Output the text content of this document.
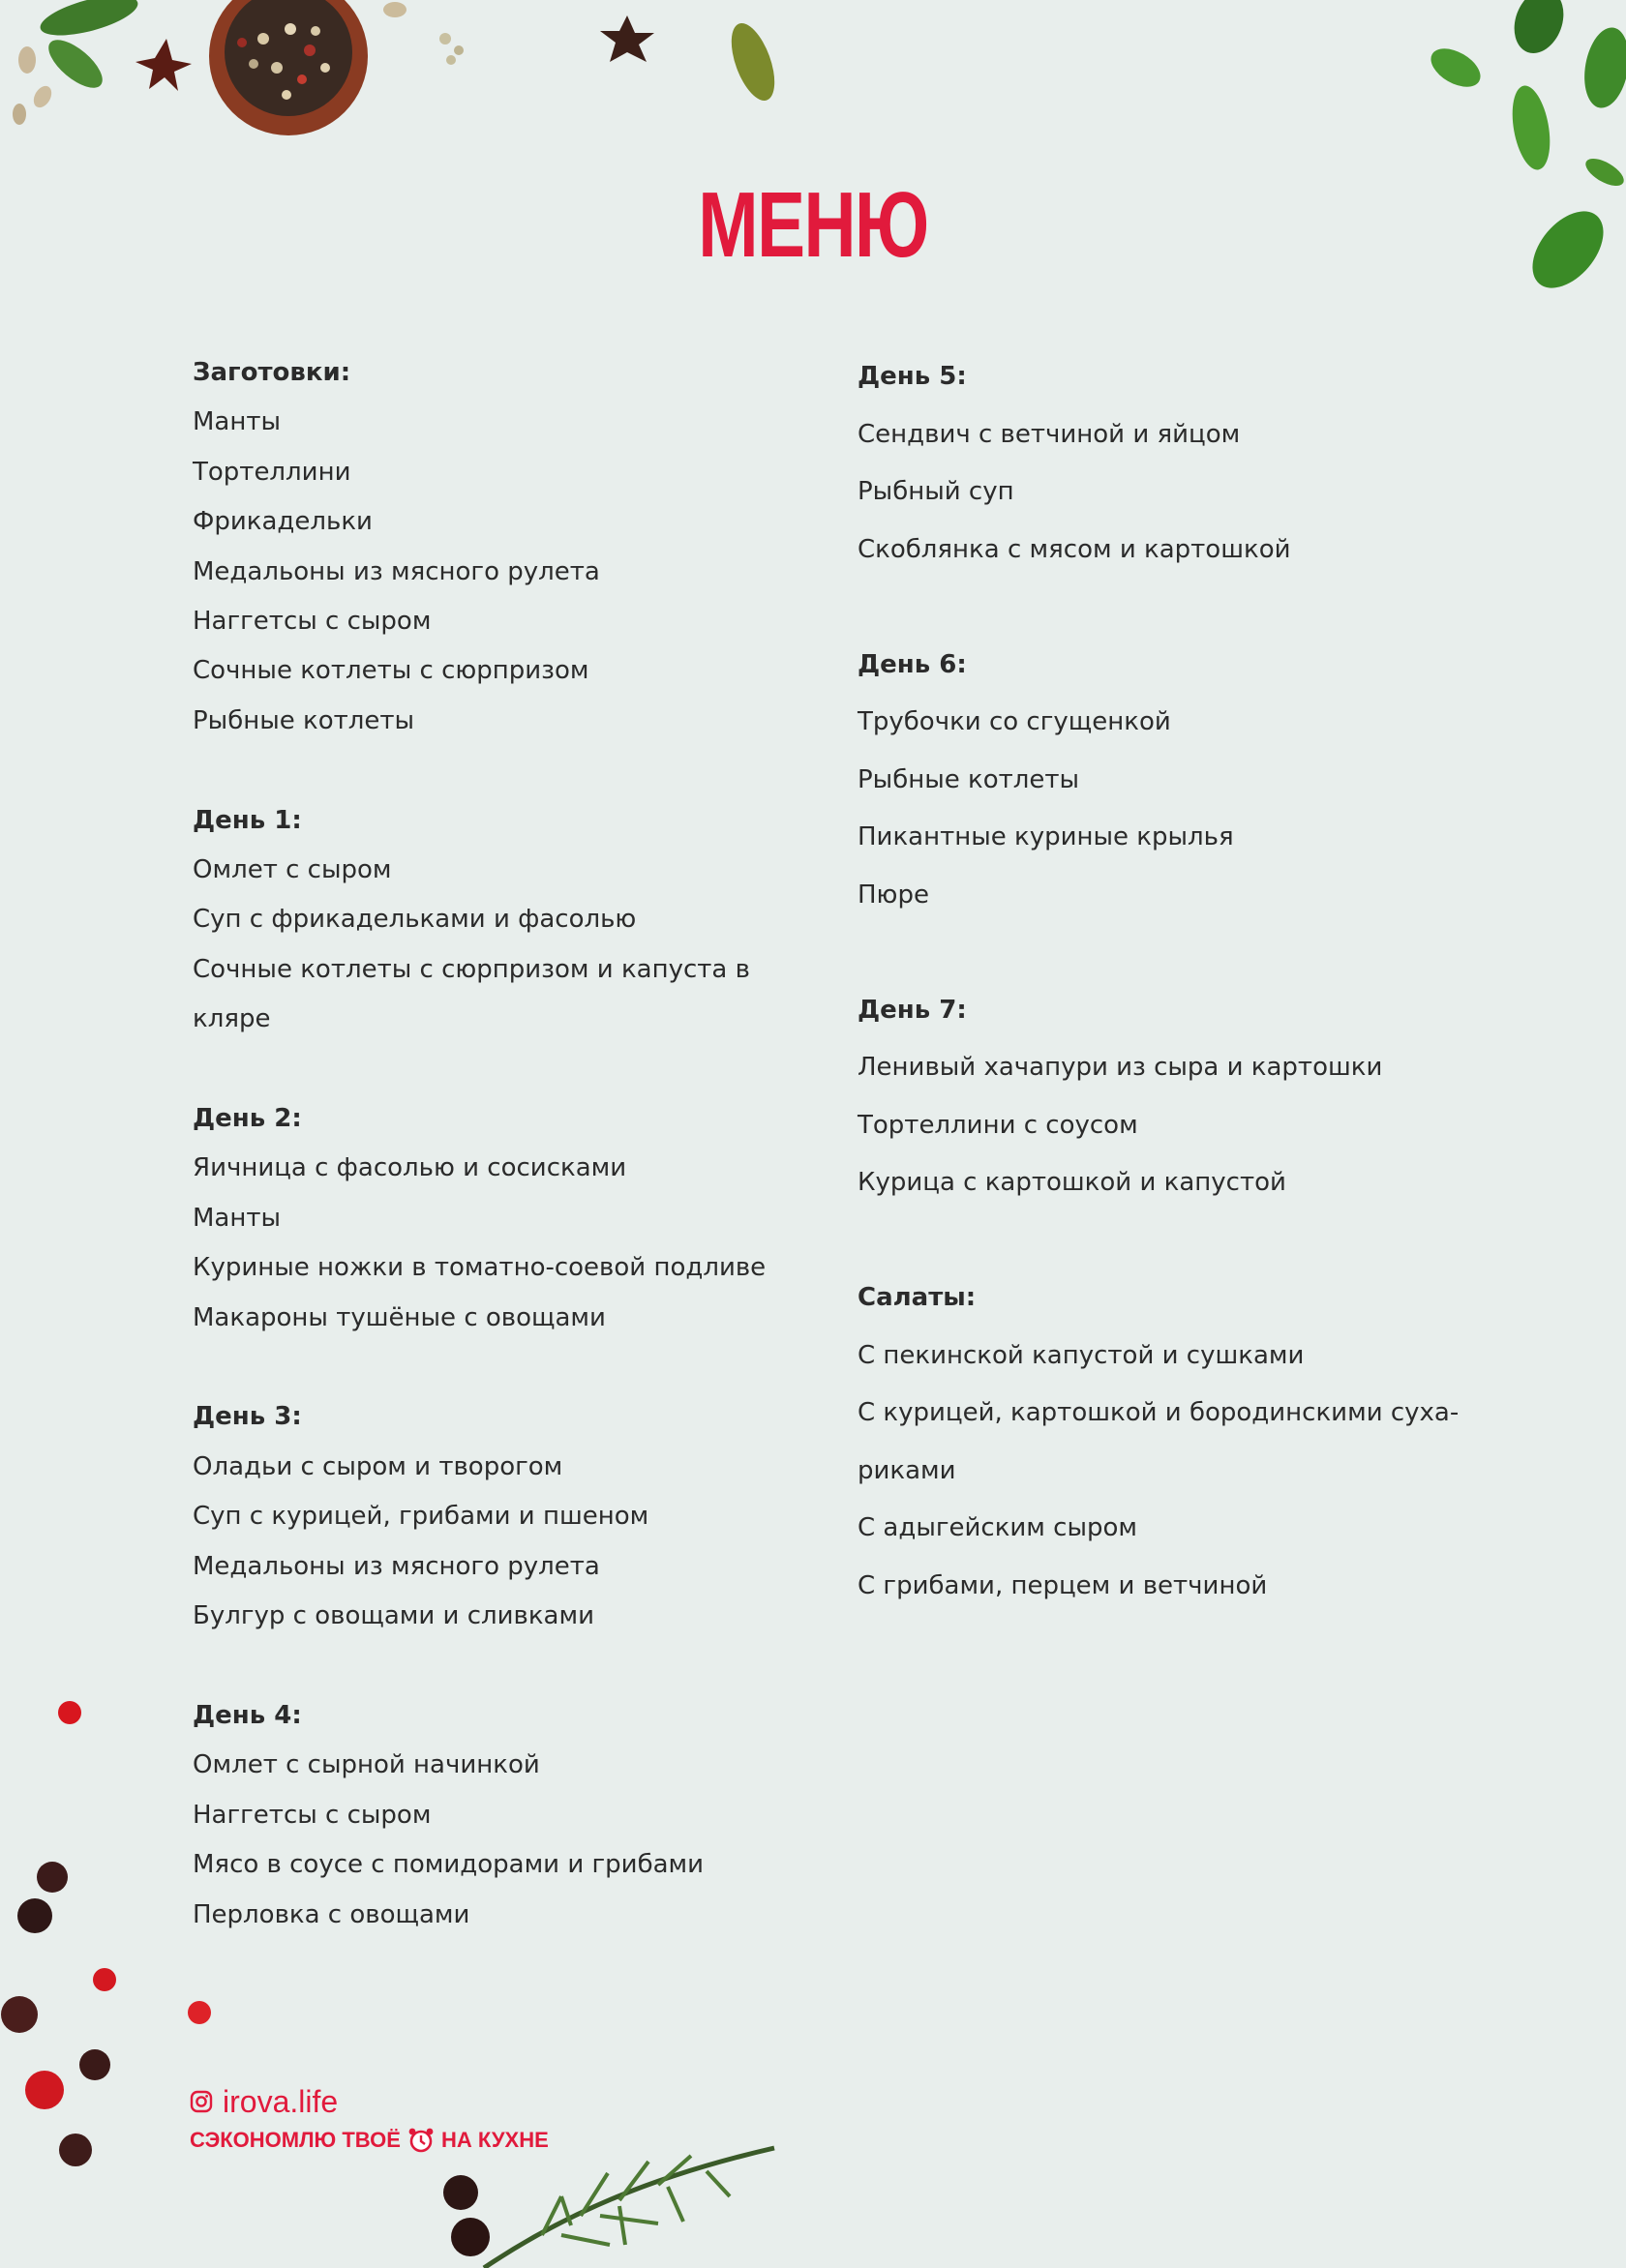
МЕНЮ

Заготовки:

Манты

Тортеллини

Фрикадельки

Медальоны из мясного рулета

Наггетсы с сыром

Сочные котлеты с сюрпризом

Рыбные котлеты

День 1:

Омлет с сыром

Суп с фрикадельками и фасолью

Сочные котлеты с сюрпризом и капуста в

кляре

День 2:

Яичница с фасолью и сосисками

Манты

Куриные ножки в томатно-соевой подливе

Макароны тушёные с овощами

День 3:

Оладьи с сыром и творогом

Суп с курицей, грибами и пшеном

Медальоны из мясного рулета

Булгур с овощами и сливками

День 4:

Омлет с сырной начинкой

Наггетсы с сыром

Мясо в соусе с помидорами и грибами

Перловка с овощами

День 5:

Сендвич с ветчиной и яйцом

Рыбный суп

Скоблянка с мясом и картошкой

День 6:

Трубочки со сгущенкой

Рыбные котлеты

Пикантные куриные крылья

Пюре

День 7:

Ленивый хачапури из сыра и картошки

Тортеллини с соусом

Курица с картошкой и капустой

Салаты:

С пекинской капустой и сушками

С курицей, картошкой и бородинскими суха-

риками

С адыгейским сыром

С грибами, перцем и ветчиной

irova.life
СЭКОНОМЛЮ ТВОЁ НА КУХНЕ
